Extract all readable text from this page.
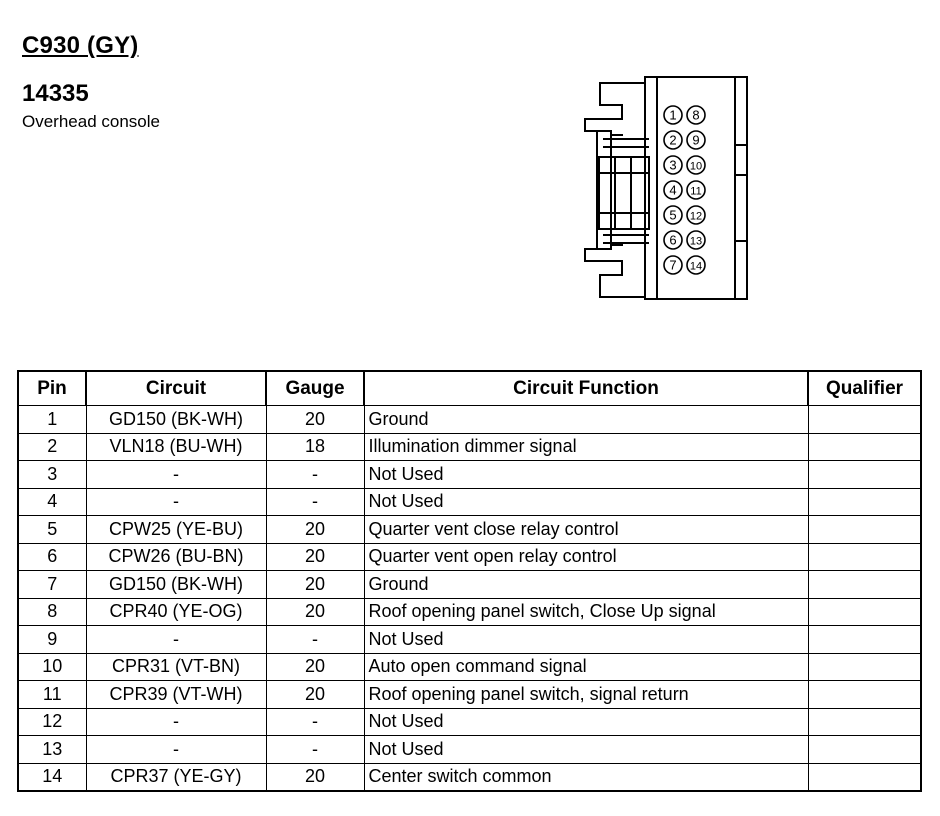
C930 (GY)
14335
Overhead console	1
2
3
4
5
6
7
8
9
10
11
12
13
14
Pin	Circuit	Gauge	Circuit Function	Qualifier
1	GD150 (BK-WH)	20	Ground	
2	VLN18 (BU-WH)	18	Illumination dimmer signal	
3	-	-	Not Used	
4	-	-	Not Used	
5	CPW25 (YE-BU)	20	Quarter vent close relay control	
6	CPW26 (BU-BN)	20	Quarter vent open relay control	
7	GD150 (BK-WH)	20	Ground	
8	CPR40 (YE-OG)	20	Roof opening panel switch, Close Up signal	
9	-	-	Not Used	
10	CPR31 (VT-BN)	20	Auto open command signal	
11	CPR39 (VT-WH)	20	Roof opening panel switch, signal return	
12	-	-	Not Used	
13	-	-	Not Used	
14	CPR37 (YE-GY)	20	Center switch common	
